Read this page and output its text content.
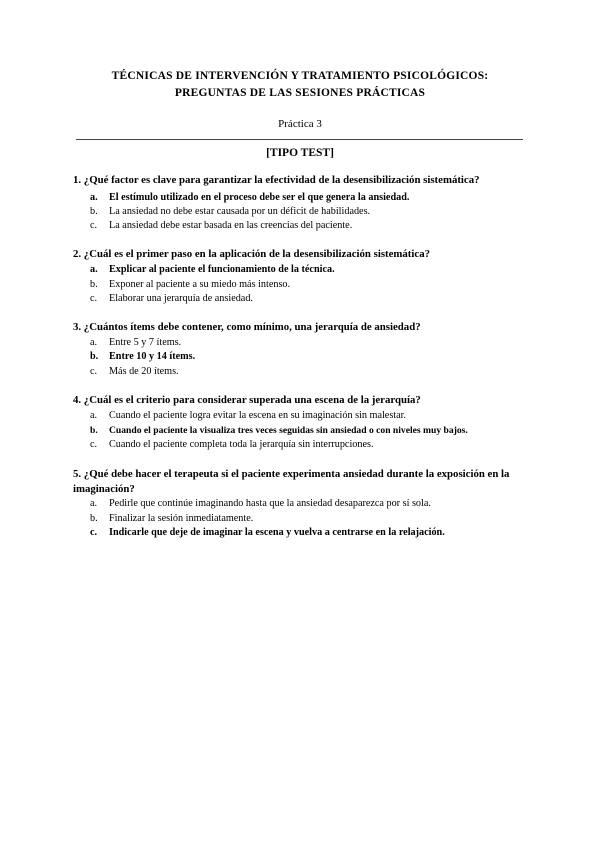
TÉCNICAS DE INTERVENCIÓN Y TRATAMIENTO PSICOLÓGICOS:
PREGUNTAS DE LAS SESIONES PRÁCTICAS
Práctica 3
[TIPO TEST]
1. ¿Qué factor es clave para garantizar la efectividad de la desensibilización sistemática?
a. El estímulo utilizado en el proceso debe ser el que genera la ansiedad.
b. La ansiedad no debe estar causada por un déficit de habilidades.
c. La ansiedad debe estar basada en las creencias del paciente.
2. ¿Cuál es el primer paso en la aplicación de la desensibilización sistemática?
a. Explicar al paciente el funcionamiento de la técnica.
b. Exponer al paciente a su miedo más intenso.
c. Elaborar una jerarquía de ansiedad.
3. ¿Cuántos ítems debe contener, como mínimo, una jerarquía de ansiedad?
a. Entre 5 y 7 ítems.
b. Entre 10 y 14 ítems.
c. Más de 20 ítems.
4. ¿Cuál es el criterio para considerar superada una escena de la jerarquía?
a. Cuando el paciente logra evitar la escena en su imaginación sin malestar.
b. Cuando el paciente la visualiza tres veces seguidas sin ansiedad o con niveles muy bajos.
c. Cuando el paciente completa toda la jerarquía sin interrupciones.
5. ¿Qué debe hacer el terapeuta si el paciente experimenta ansiedad durante la exposición en la imaginación?
a. Pedirle que continúe imaginando hasta que la ansiedad desaparezca por sí sola.
b. Finalizar la sesión inmediatamente.
c. Indicarle que deje de imaginar la escena y vuelva a centrarse en la relajación.
